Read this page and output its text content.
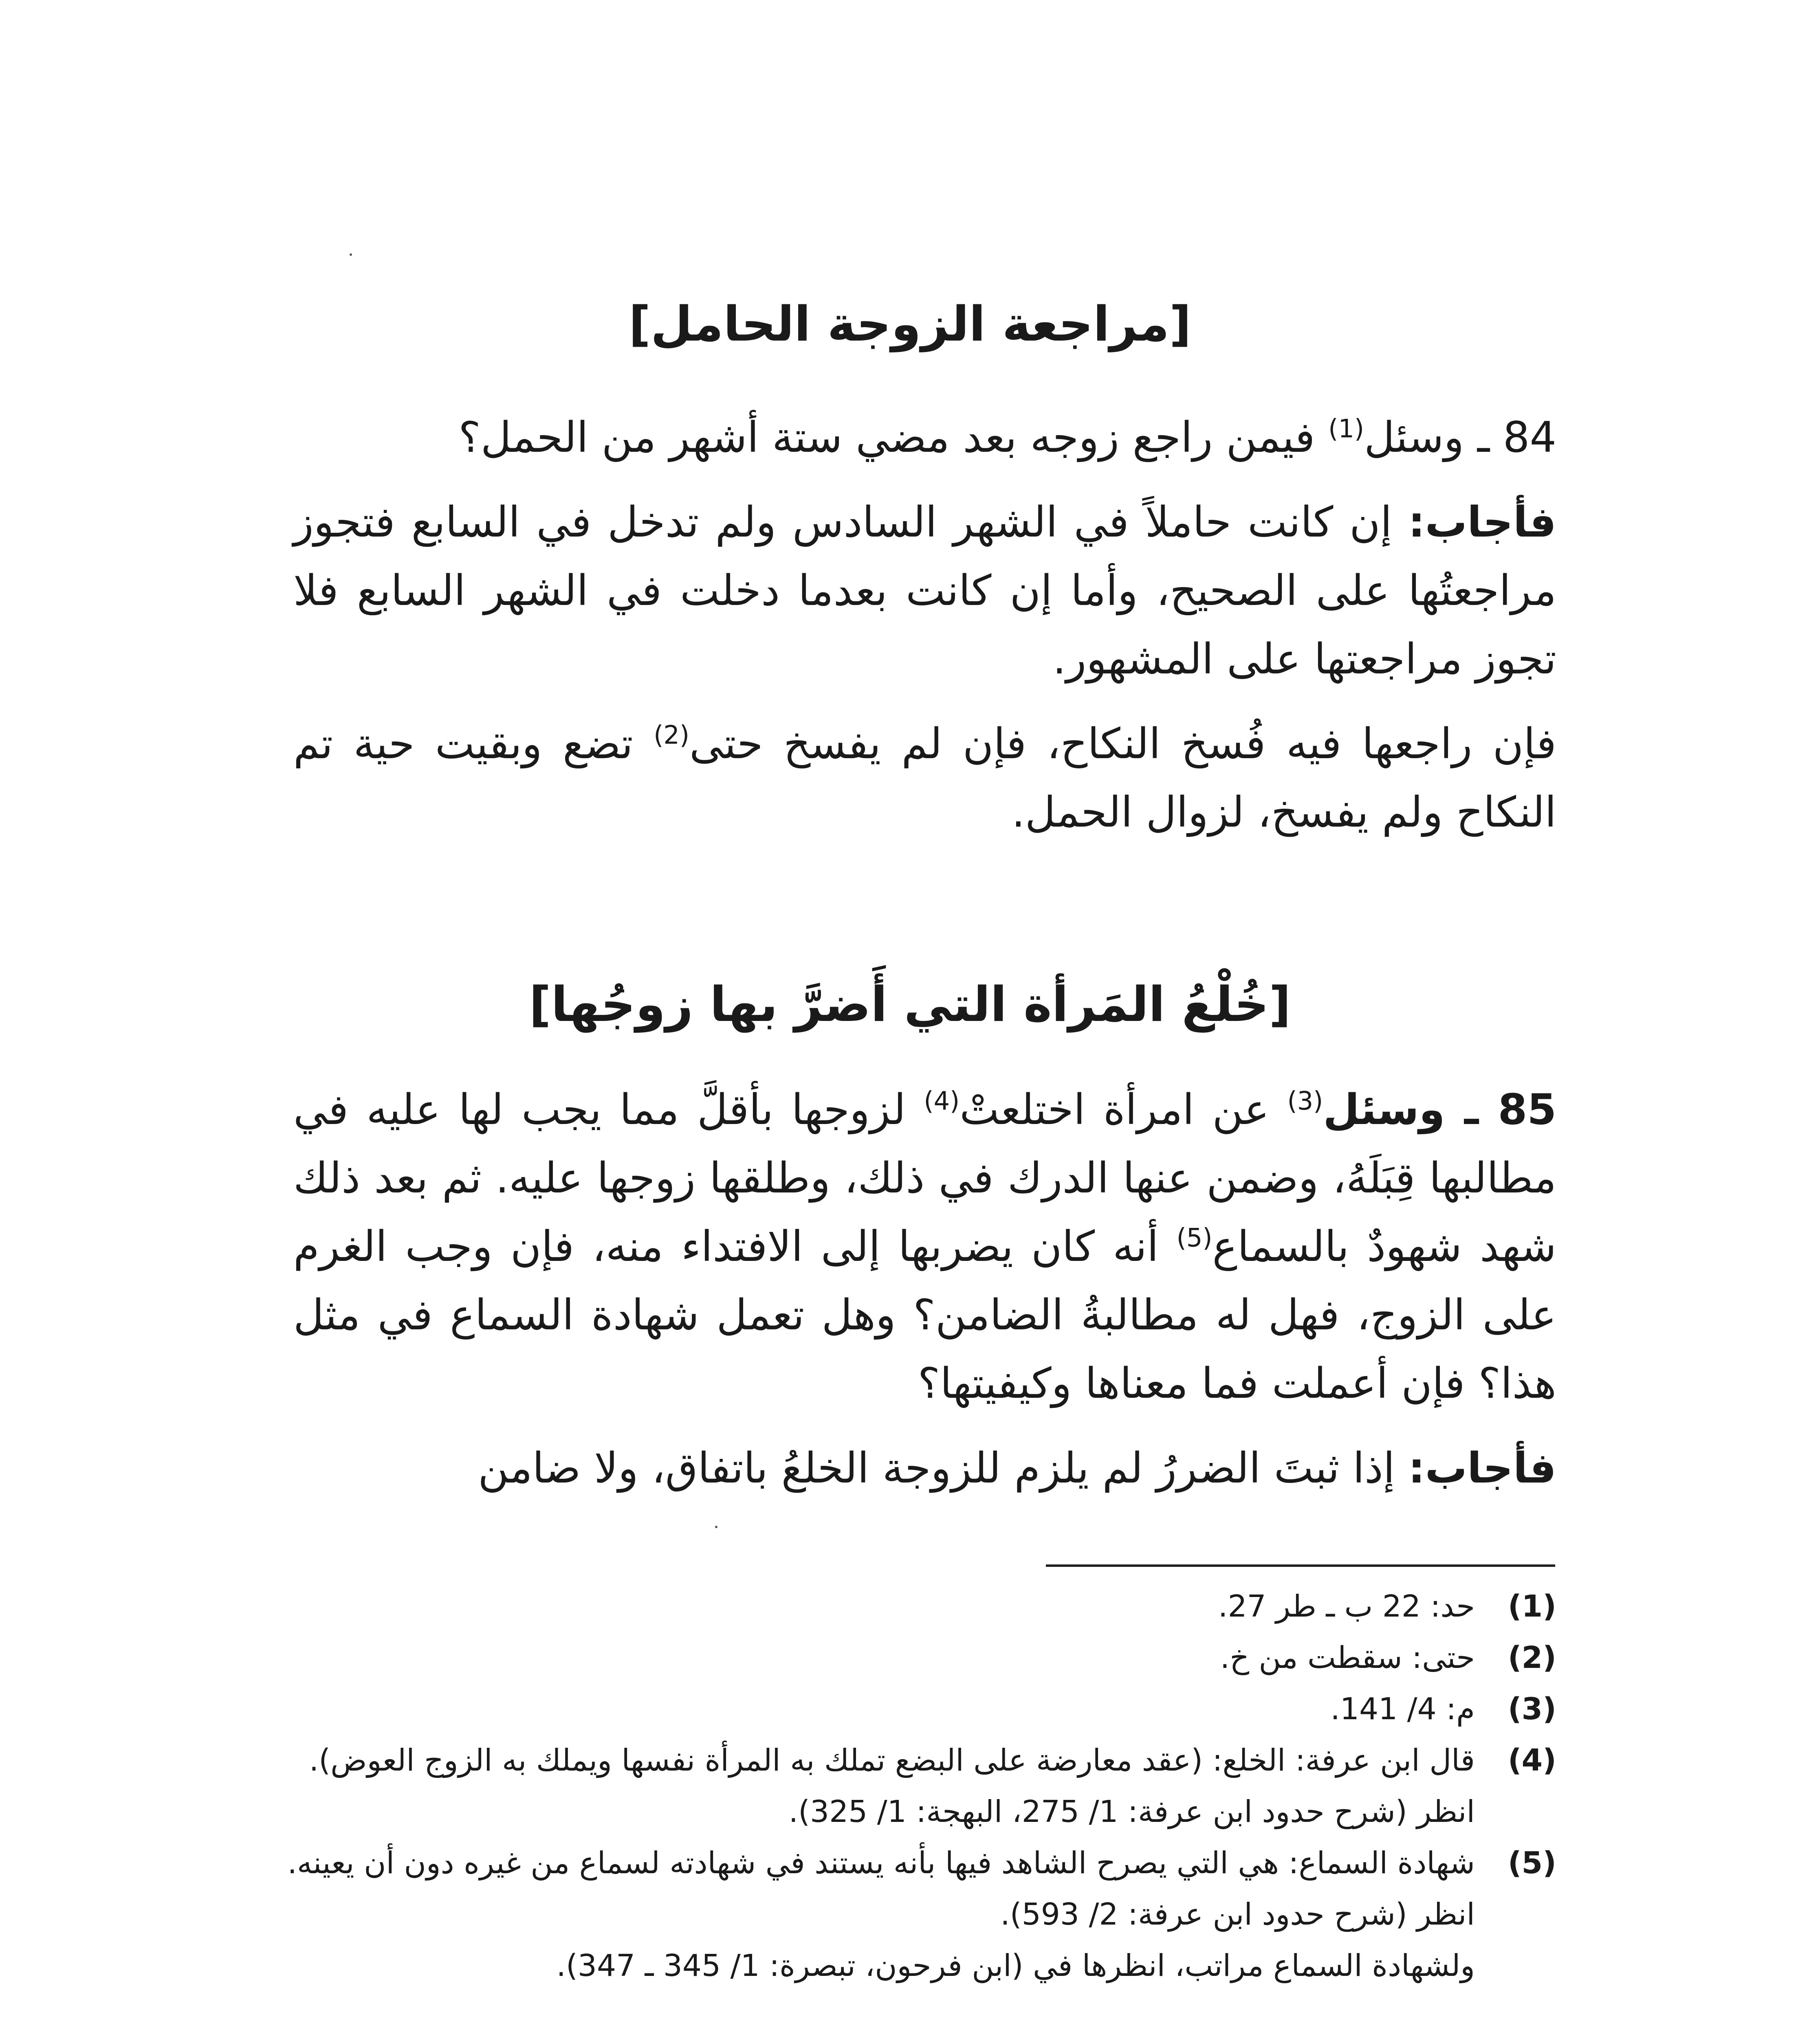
[مراجعة الزوجة الحامل]

84 ـ وسئل$^{(1)}$ فيمن راجع زوجه بعد مضي ستة أشهر من الحمل؟

فأجاب: إن كانت حاملاً في الشهر السادس ولم تدخل في السابع فتجوز مراجعتُها على الصحيح، وأما إن كانت بعدما دخلت في الشهر السابع فلا تجوز مراجعتها على المشهور.

فإن راجعها فيه فُسخ النكاح، فإن لم يفسخ حتى$^{(2)}$ تضع وبقيت حية تم النكاح ولم يفسخ، لزوال الحمل.

[خُلْعُ المَرأة التي أَضرَّ بها زوجُها]

85 ـ وسئل$^{(3)}$ عن امرأة اختلعتْ$^{(4)}$ لزوجها بأقلَّ مما يجب لها عليه في مطالبها قِبَلَهُ، وضمن عنها الدرك في ذلك، وطلقها زوجها عليه. ثم بعد ذلك شهد شهودٌ بالسماع$^{(5)}$ أنه كان يضربها إلى الافتداء منه، فإن وجب الغرم على الزوج، فهل له مطالبةُ الضامن؟ وهل تعمل شهادة السماع في مثل هذا؟ فإن أعملت فما معناها وكيفيتها؟

فأجاب: إذا ثبتَ الضررُ لم يلزم للزوجة الخلعُ باتفاق، ولا ضامن

(1)
حد: 22 ب ـ طر 27.
(2)
حتى: سقطت من خ.
(3)
م: 4/ 141.
(4)
قال ابن عرفة: الخلع: (عقد معارضة على البضع تملك به المرأة نفسها ويملك به الزوج العوض).
انظر (شرح حدود ابن عرفة: 1/ 275، البهجة: 1/ 325).
(5)
شهادة السماع: هي التي يصرح الشاهد فيها بأنه يستند في شهادته لسماع من غيره دون أن يعينه.
انظر (شرح حدود ابن عرفة: 2/ 593).
ولشهادة السماع مراتب، انظرها في (ابن فرحون، تبصرة: 1/ 345 ـ 347).
